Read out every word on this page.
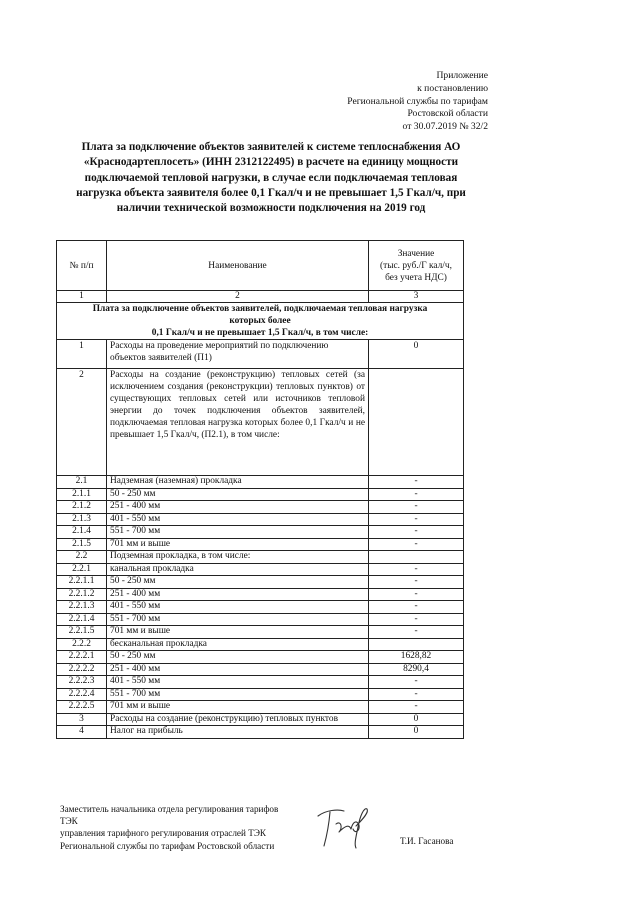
Приложение
к постановлению
Региональной службы по тарифам
Ростовской области
от 30.07.2019 № 32/2
Плата за подключение объектов заявителей к системе теплоснабжения АО
«Краснодартеплосеть» (ИНН 2312122495) в расчете на единицу мощности
подключаемой тепловой нагрузки, в случае если подключаемая тепловая
нагрузка объекта заявителя более 0,1 Гкал/ч и не превышает 1,5 Гкал/ч, при
наличии технической возможности подключения на 2019 год
№ п/п	Наименование	Значение
(тыс. руб./Г кал/ч,
без учета НДС)

1	2	3

Плата за подключение объектов заявителей, подключаемая тепловая нагрузка
которых более
0,1 Гкал/ч и не превышает 1,5 Гкал/ч, в том числе:		

1	Расходы на проведение мероприятий по подключению объектов заявителей (П1)	0
2	Расходы на создание (реконструкцию) тепловых сетей (за исключением создания (реконструкции) тепловых пунктов) от существующих тепловых сетей или источников тепловой энергии до точек подключения объектов заявителей, подключаемая тепловая нагрузка которых более 0,1 Гкал/ч и не превышает 1,5 Гкал/ч, (П2.1), в том числе:	
2.1	Надземная (наземная) прокладка	-
2.1.1	50 - 250 мм	-
2.1.2	251 - 400 мм	-
2.1.3	401 - 550 мм	-
2.1.4	551 - 700 мм	-
2.1.5	701 мм и выше	-
2.2	Подземная прокладка, в том числе:	
2.2.1	канальная прокладка	-
2.2.1.1	50 - 250 мм	-
2.2.1.2	251 - 400 мм	-
2.2.1.3	401 - 550 мм	-
2.2.1.4	551 - 700 мм	-
2.2.1.5	701 мм и выше	-
2.2.2	бесканальная прокладка	
2.2.2.1	50 - 250 мм	1628,82
2.2.2.2	251 - 400 мм	8290,4
2.2.2.3	401 - 550 мм	-
2.2.2.4	551 - 700 мм	-
2.2.2.5	701 мм и выше	-
3	Расходы на создание (реконструкцию) тепловых пунктов	0
4	Налог на прибыль	0
Заместитель начальника отдела регулирования тарифов
ТЭК
управления тарифного регулирования отраслей ТЭК
Региональной службы по тарифам Ростовской области	Т.И. Гасанова
